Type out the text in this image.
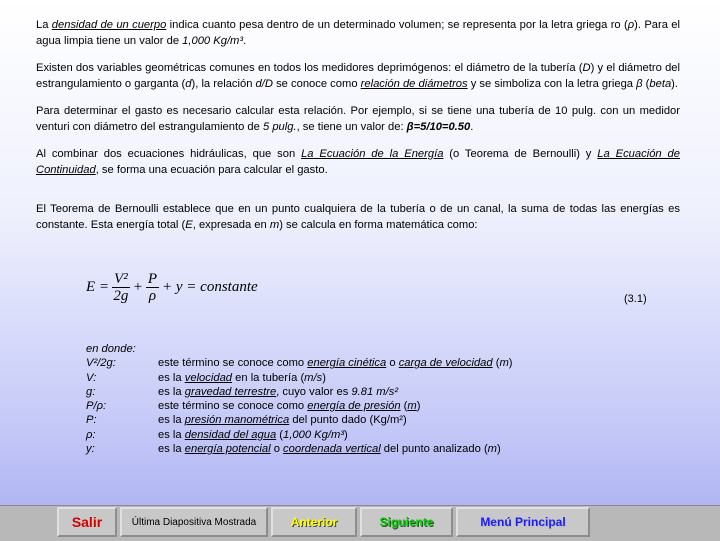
La densidad de un cuerpo indica cuanto pesa dentro de un determinado volumen; se representa por la letra griega ro (ρ). Para el agua limpia tiene un valor de 1,000 Kg/m³.

Existen dos variables geométricas comunes en todos los medidores deprimógenos: el diámetro de la tubería (D) y el diámetro del estrangulamiento o garganta (d), la relación d/D se conoce como relación de diámetros y se simboliza con la letra griega β (beta).

Para determinar el gasto es necesario calcular esta relación. Por ejemplo, si se tiene una tubería de 10 pulg. con un medidor venturi con diámetro del estrangulamiento de 5 pulg., se tiene un valor de: β=5/10=0.50.

Al combinar dos ecuaciones hidráulicas, que son La Ecuación de la Energía (o Teorema de Bernoulli) y La Ecuación de Continuidad, se forma una ecuación para calcular el gasto.

El Teorema de Bernoulli establece que en un punto cualquiera de la tubería o de un canal, la suma de todas las energías es constante. Esta energía total (E, expresada en m) se calcula en forma matemática como:

$E = \frac{\text{V²}}{2g} + \frac{P}{\rho} + y$ = constante
(3.1)
en donde:
V²/2g:	este término se conoce como energía cinética o carga de velocidad (m)
V:	es la velocidad en la tubería (m/s)
g:	es la gravedad terrestre, cuyo valor es 9.81 m/s²
P/ρ:	este término se conoce como energía de presión (m)
P:	es la presión manométrica del punto dado (Kg/m²)
ρ:	es la densidad del agua (1,000 Kg/m³)
y:	es la energía potencial o coordenada vertical del punto analizado (m)
Salir	Última Diapositiva Mostrada	Anterior	Siguiente	Menú Principal
